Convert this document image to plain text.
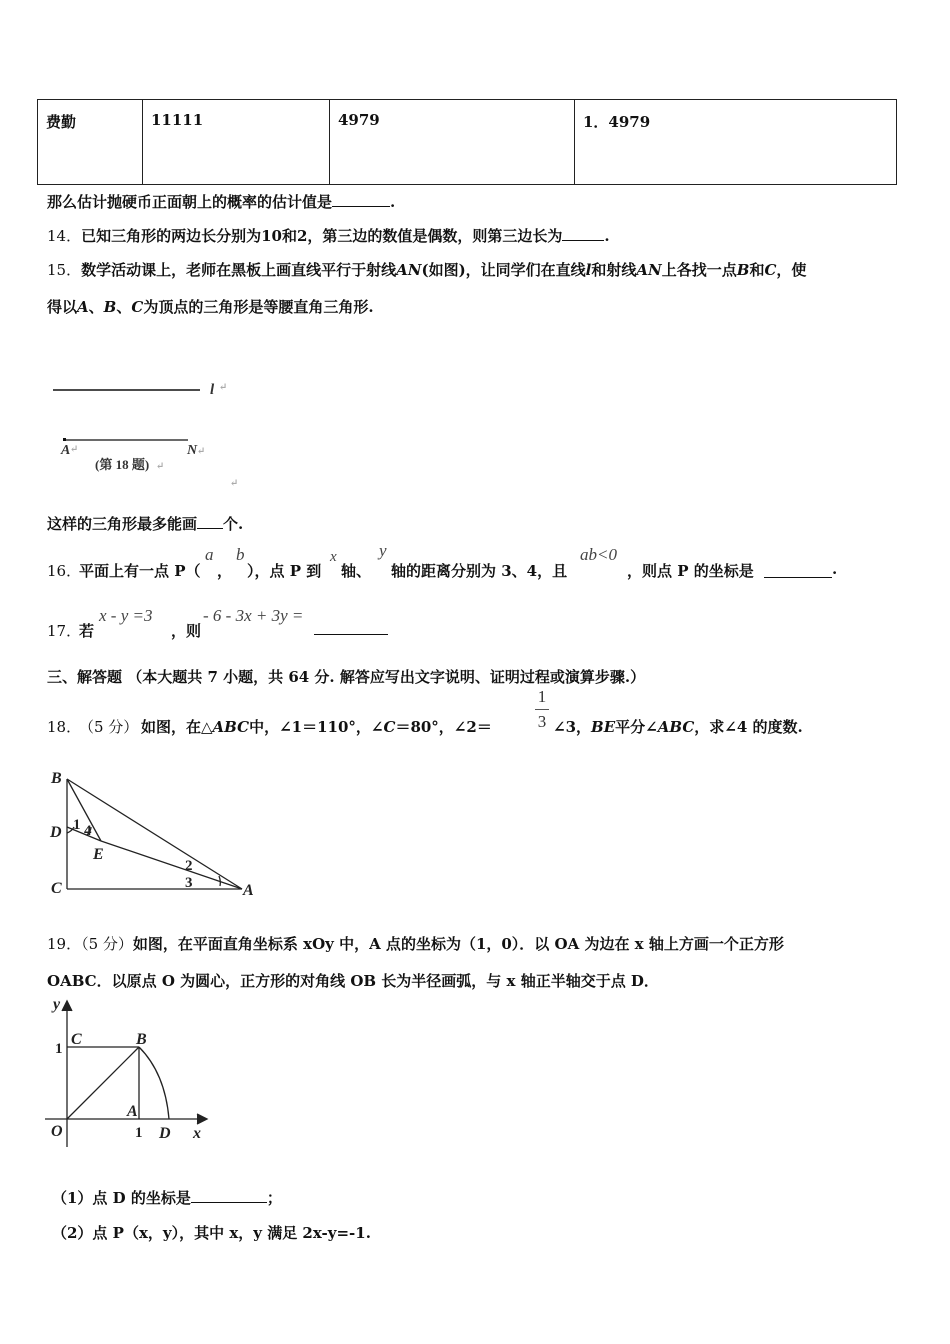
费勤	11111	4979	1．4979
那么估计抛硬币正面朝上的概率的估计值是	.
14．已知三角形的两边长分别为10和2，第三边的数值是偶数，则第三边长为	.
15．数学活动课上，老师在黑板上画直线平行于射线AN(如图)，让同学们在直线l和射线AN上各找一点B和C，使
得以A、B、C为顶点的三角形是等腰直角三角形.
l ↵
A ↵	N ↵
(第 18 题) ↵
↵
这样的三角形最多能画 个.
16．
平面上有一点 P（
a
，
b
），点 P 到
x
轴、
y
轴的距离分别为 3、4，且
ab<0
，则点 P 的坐标是	.
17．
若
x - y =3
，则
- 6 - 3x + 3y =
三、解答题 （本大题共 7 小题，共 64 分. 解答应写出文字说明、证明过程或演算步骤.）
18．
（5 分） 如图，在△ABC中，∠1＝110°，∠C＝80°，∠2＝
1
3 ∠3，BE平分∠ABC，求∠4 的度数.
B
D
E
C	A
1 4
2
3
19．（5 分）如图，在平面直角坐标系 xOy 中，A 点的坐标为（1，0）．以 OA 为边在 x 轴上方画一个正方形
OABC．以原点 O 为圆心，正方形的对角线 OB 长为半径画弧，与 x 轴正半轴交于点 D．
y
x
O
C	B
A
D
1
1
（1）点 D 的坐标是	；
（2）点 P（x，y），其中 x，y 满足 2x-y=-1.
